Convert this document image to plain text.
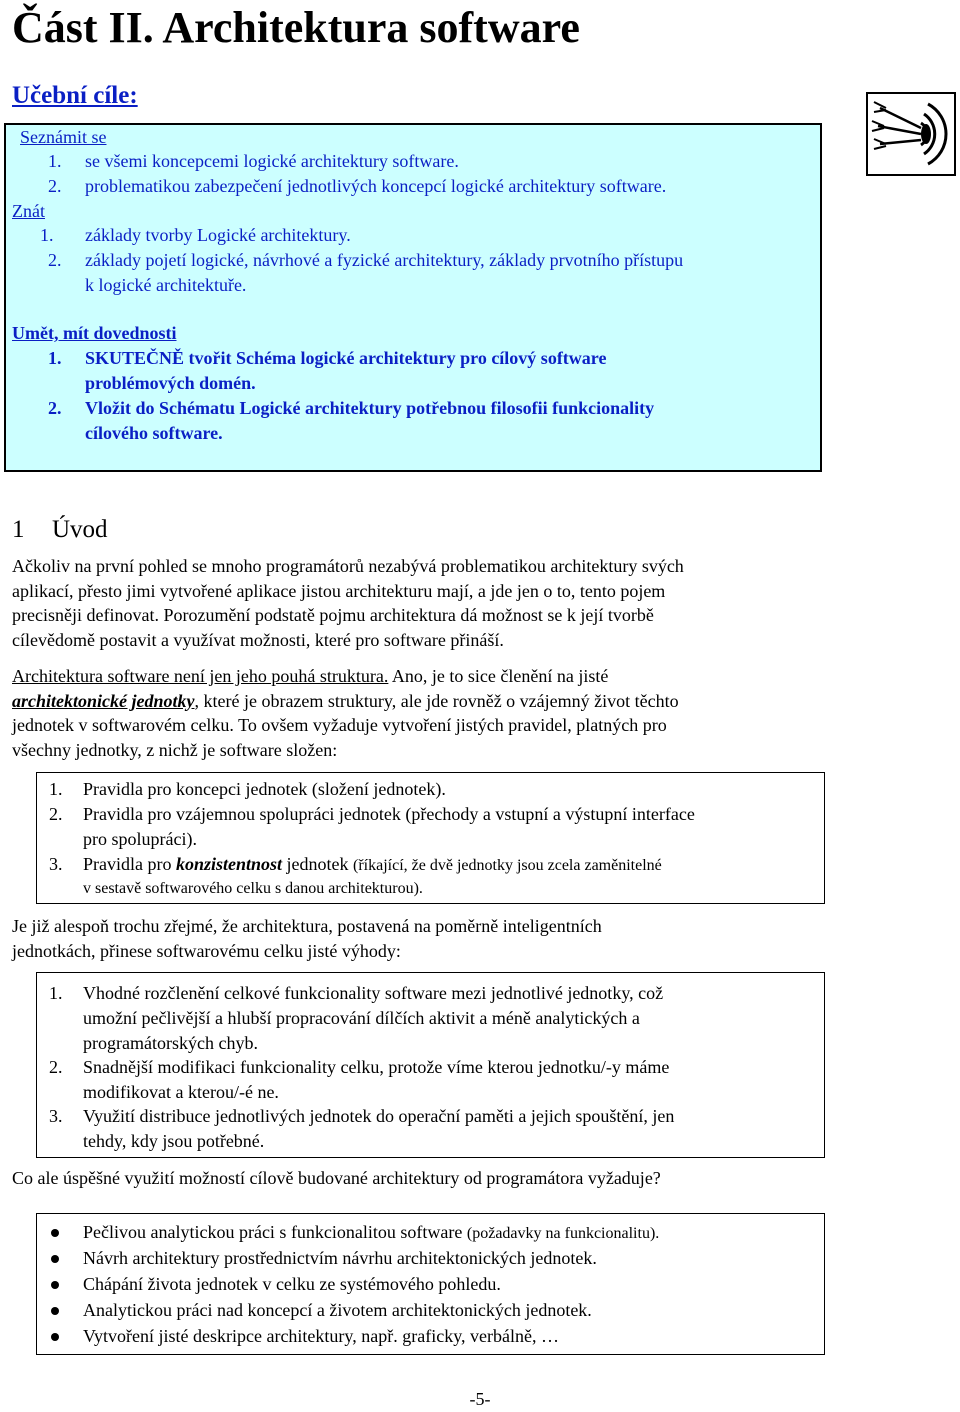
Část II. Architektura software
Učební cíle:
Seznámit se
1. se všemi koncepcemi logické architektury software.
2. problematikou zabezpečení jednotlivých koncepcí logické architektury software.
Znát
1. základy tvorby Logické architektury.
2. základy pojetí logické, návrhové a fyzické architektury, základy prvotního přístupu
k logické architektuře.
Umět, mít dovednosti
1. SKUTEČNĚ tvořit Schéma logické architektury pro cílový software
problémových domén.
2. Vložit do Schématu Logické architektury potřebnou filosofii funkcionality
cílového software.
1 Úvod
Ačkoliv na první pohled se mnoho programátorů nezabývá problematikou architektury svých
aplikací, přesto jimi vytvořené aplikace jistou architekturu mají, a jde jen o to, tento pojem
precisněji definovat. Porozumění podstatě pojmu architektura dá možnost se k její tvorbě
cílevědomě postavit a využívat možnosti, které pro software přináší.
Architektura software není jen jeho pouhá struktura. Ano, je to sice členění na jisté
architektonické jednotky, které je obrazem struktury, ale jde rovněž o vzájemný život těchto
jednotek v softwarovém celku. To ovšem vyžaduje vytvoření jistých pravidel, platných pro
všechny jednotky, z nichž je software složen:
1. Pravidla pro koncepci jednotek (složení jednotek).
2. Pravidla pro vzájemnou spolupráci jednotek (přechody a vstupní a výstupní interface
pro spolupráci).
3. Pravidla pro konzistentnost jednotek (říkající, že dvě jednotky jsou zcela zaměnitelné
v sestavě softwarového celku s danou architekturou).
Je již alespoň trochu zřejmé, že architektura, postavená na poměrně inteligentních
jednotkách, přinese softwarovému celku jisté výhody:
1. Vhodné rozčlenění celkové funkcionality software mezi jednotlivé jednotky, což
umožní pečlivější a hlubší propracování dílčích aktivit a méně analytických a
programátorských chyb.
2. Snadnější modifikaci funkcionality celku, protože víme kterou jednotku/-y máme
modifikovat a kterou/-é ne.
3. Využití distribuce jednotlivých jednotek do operační paměti a jejich spouštění, jen
tehdy, kdy jsou potřebné.
Co ale úspěšné využití možností cílově budované architektury od programátora vyžaduje?
Pečlivou analytickou práci s funkcionalitou software (požadavky na funkcionalitu).
Návrh architektury prostřednictvím návrhu architektonických jednotek.
Chápání života jednotek v celku ze systémového pohledu.
Analytickou práci nad koncepcí a životem architektonických jednotek.
Vytvoření jisté deskripce architektury, např. graficky, verbálně, …
-5-
